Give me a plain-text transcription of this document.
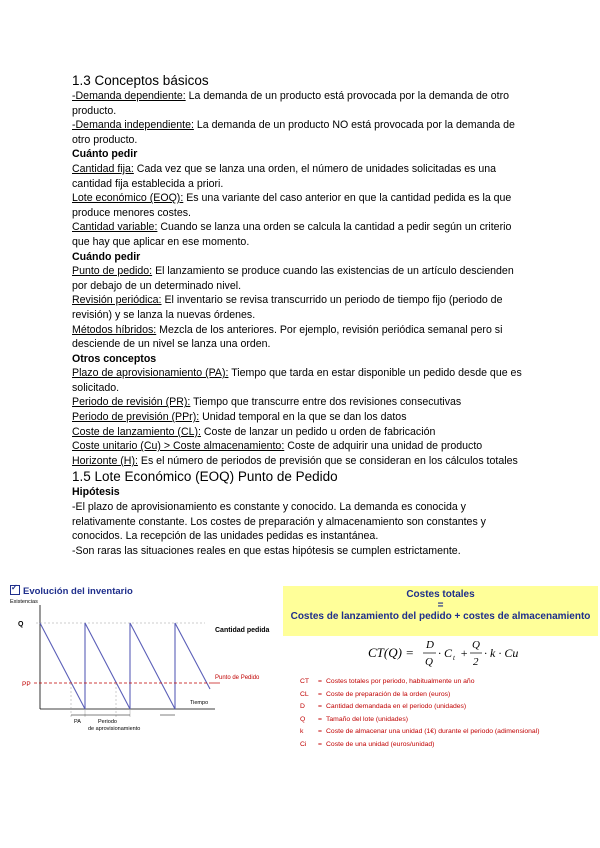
1.3 Conceptos básicos

-Demanda dependiente: La demanda de un producto está provocada por la demanda de otro producto.

-Demanda independiente: La demanda de un producto NO está provocada por la demanda de otro producto.

Cuánto pedir

Cantidad fija: Cada vez que se lanza una orden, el número de unidades solicitadas es una cantidad fija establecida a priori.

Lote económico (EOQ): Es una variante del caso anterior en que la cantidad pedida es la que produce menores costes.

Cantidad variable: Cuando se lanza una orden se calcula la cantidad a pedir según un criterio que hay que aplicar en ese momento.

Cuándo pedir

Punto de pedido: El lanzamiento se produce cuando las existencias de un artículo descienden por debajo de un determinado nivel.

Revisión periódica: El inventario se revisa transcurrido un periodo de tiempo fijo (periodo de revisión) y se lanza la nuevas órdenes.

Métodos híbridos: Mezcla de los anteriores. Por ejemplo, revisión periódica semanal pero si desciende de un nivel se lanza una orden.

Otros conceptos

Plazo de aprovisionamiento (PA): Tiempo que tarda en estar disponible un pedido desde que es solicitado.

Periodo de revisión (PR): Tiempo que transcurre entre dos revisiones consecutivas

Periodo de previsión (PPr): Unidad temporal en la que se dan los datos

Coste de lanzamiento (CL): Coste de lanzar un pedido u orden de fabricación

Coste unitario (Cu) > Coste almacenamiento: Coste de adquirir una unidad de producto

Horizonte (H): Es el número de periodos de previsión que se consideran en los cálculos totales

1.5 Lote Económico (EOQ) Punto de Pedido

Hipótesis

-El plazo de aprovisionamiento es constante y conocido. La demanda es conocida y relativamente constante. Los costes de preparación y almacenamiento son constantes y conocidos. La recepción de las unidades pedidas es instantánea.

-Son raras las situaciones reales en que estas hipótesis se cumplen estrictamente.

✓Evolución del inventario
Existencias
Q
PP
Cantidad pedida
Punto de Pedido
Tiempo
PA	Periodo
de aprovisionamiento
Costes totales
=
Costes de lanzamiento del pedido + costes de almacenamiento
CT(Q) = D
Q
· C t +
Q
2
· k · Cu
CT	= Costes totales por periodo, habitualmente un año
CL	= Coste de preparación de la orden (euros)
D	= Cantidad demandada en el periodo (unidades)
Q	= Tamaño del lote (unidades)
k	= Coste de almacenar una unidad (1€) durante el periodo (adimensional)
Ci	= Coste de una unidad (euros/unidad)
